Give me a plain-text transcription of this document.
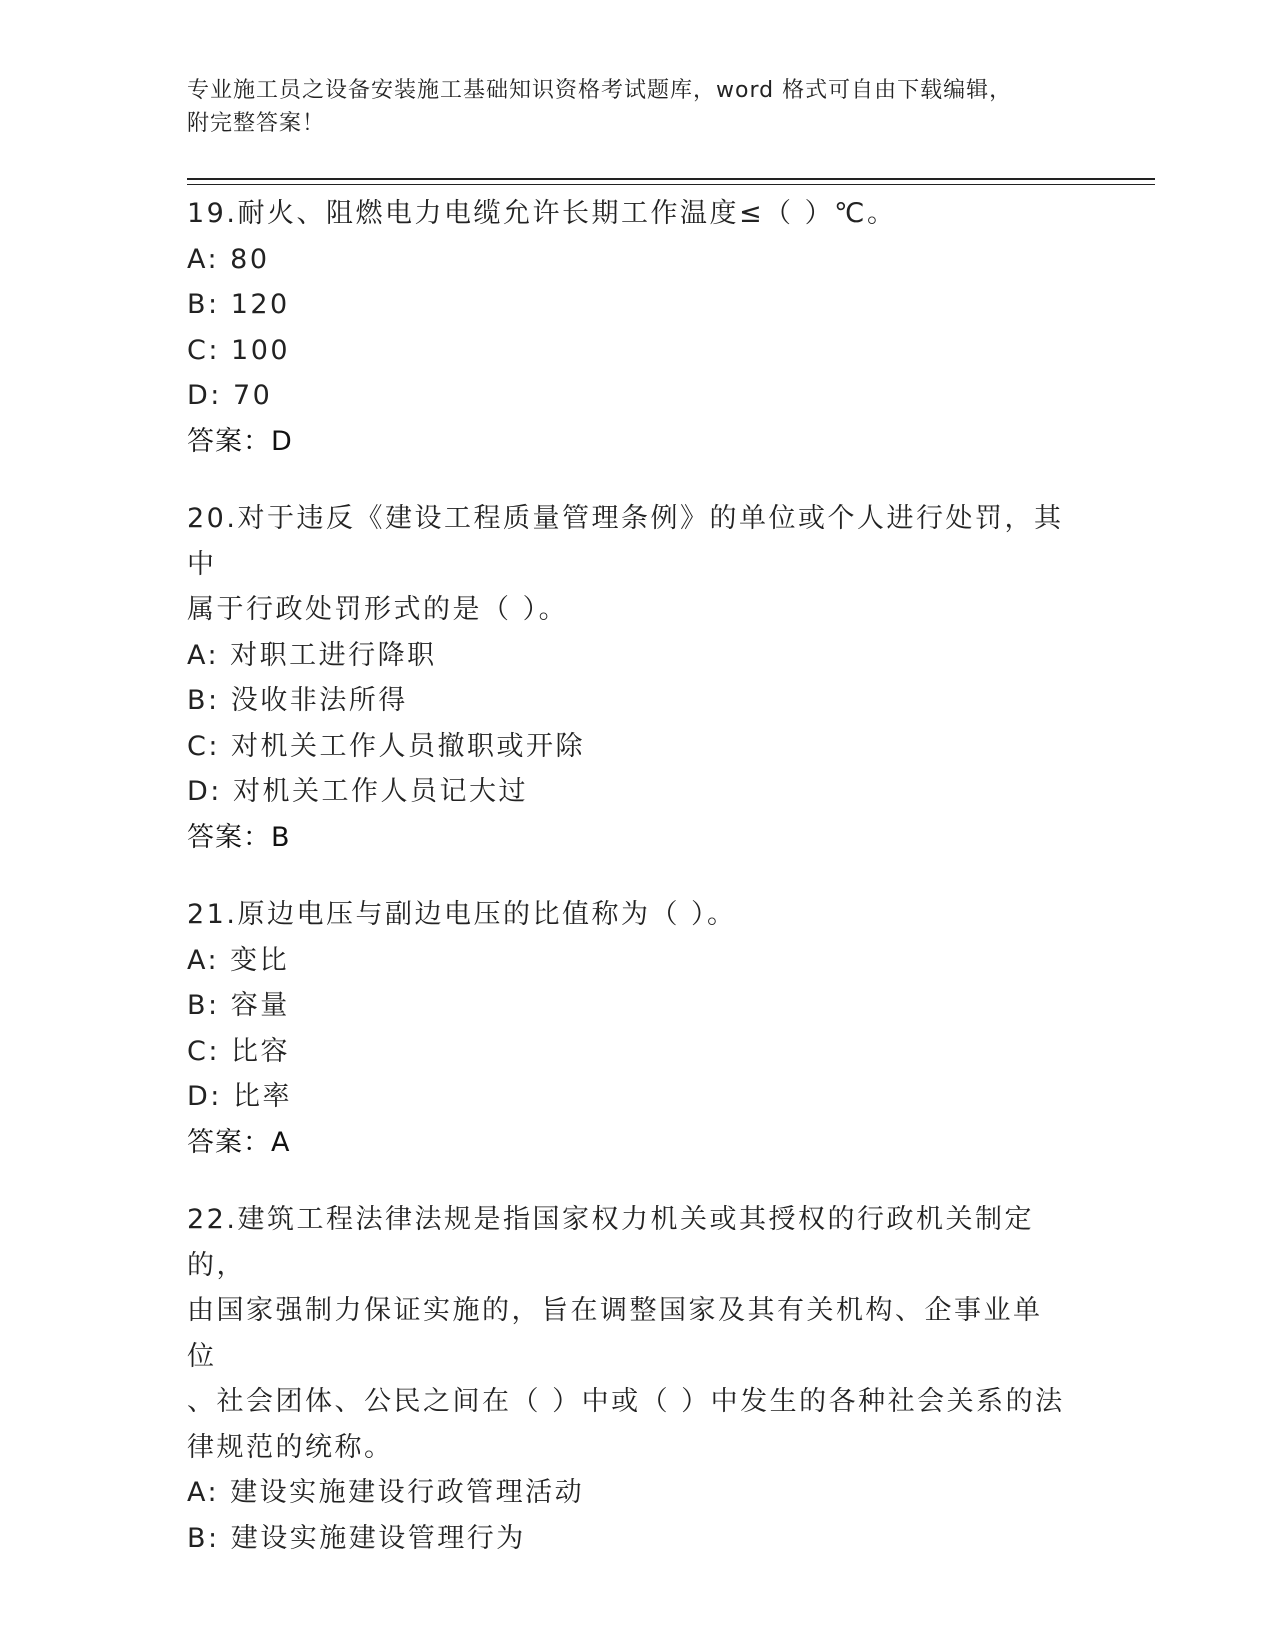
专业施工员之设备安装施工基础知识资格考试题库，word 格式可自由下载编辑，
附完整答案！
19.耐火、阻燃电力电缆允许长期工作温度≤（ ）℃。
A: 80
B: 120
C: 100
D: 70
答案：D
20.对于违反《建设工程质量管理条例》的单位或个人进行处罚，其中
属于行政处罚形式的是（ ）。
A: 对职工进行降职
B: 没收非法所得
C: 对机关工作人员撤职或开除
D: 对机关工作人员记大过
答案：B
21.原边电压与副边电压的比值称为（ ）。
A: 变比
B: 容量
C: 比容
D: 比率
答案：A
22.建筑工程法律法规是指国家权力机关或其授权的行政机关制定的，
由国家强制力保证实施的，旨在调整国家及其有关机构、企事业单位
、社会团体、公民之间在（ ）中或（ ）中发生的各种社会关系的法
律规范的统称。
A: 建设实施建设行政管理活动
B: 建设实施建设管理行为
